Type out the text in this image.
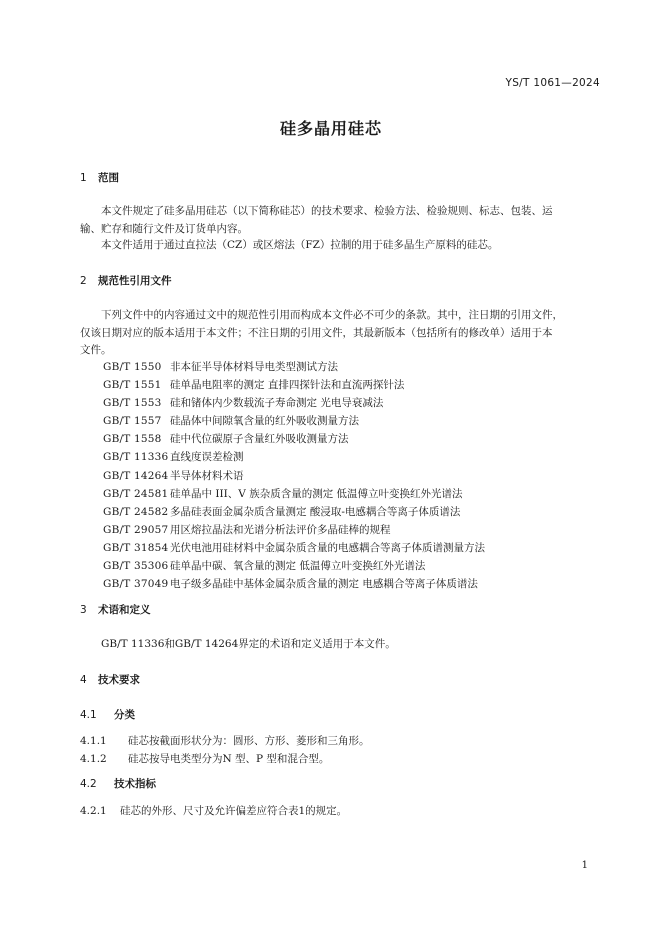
YS/T 1061—2024
硅多晶用硅芯
1 范围
本文件规定了硅多晶用硅芯（以下简称硅芯）的技术要求、检验方法、检验规则、标志、包装、运
输、贮存和随行文件及订货单内容。
本文件适用于通过直拉法（CZ）或区熔法（FZ）拉制的用于硅多晶生产原料的硅芯。
2 规范性引用文件
下列文件中的内容通过文中的规范性引用而构成本文件必不可少的条款。其中，注日期的引用文件，
仅该日期对应的版本适用于本文件；不注日期的引用文件，其最新版本（包括所有的修改单）适用于本
文件。
GB/T 1550 非本征半导体材料导电类型测试方法
GB/T 1551 硅单晶电阻率的测定 直排四探针法和直流两探针法
GB/T 1553 硅和锗体内少数载流子寿命测定 光电导衰减法
GB/T 1557 硅晶体中间隙氧含量的红外吸收测量方法
GB/T 1558 硅中代位碳原子含量红外吸收测量方法
GB/T 11336 直线度误差检测
GB/T 14264 半导体材料术语
GB/T 24581 硅单晶中 III、V 族杂质含量的测定 低温傅立叶变换红外光谱法
GB/T 24582 多晶硅表面金属杂质含量测定 酸浸取-电感耦合等离子体质谱法
GB/T 29057 用区熔拉晶法和光谱分析法评价多晶硅棒的规程
GB/T 31854 光伏电池用硅材料中金属杂质含量的电感耦合等离子体质谱测量方法
GB/T 35306 硅单晶中碳、氧含量的测定 低温傅立叶变换红外光谱法
GB/T 37049 电子级多晶硅中基体金属杂质含量的测定 电感耦合等离子体质谱法
3 术语和定义
GB/T 11336和GB/T 14264界定的术语和定义适用于本文件。
4 技术要求
4.1 分类
4.1.1 硅芯按截面形状分为：圆形、方形、菱形和三角形。
4.1.2 硅芯按导电类型分为N 型、P 型和混合型。
4.2 技术指标
4.2.1 硅芯的外形、尺寸及允许偏差应符合表1的规定。
1
